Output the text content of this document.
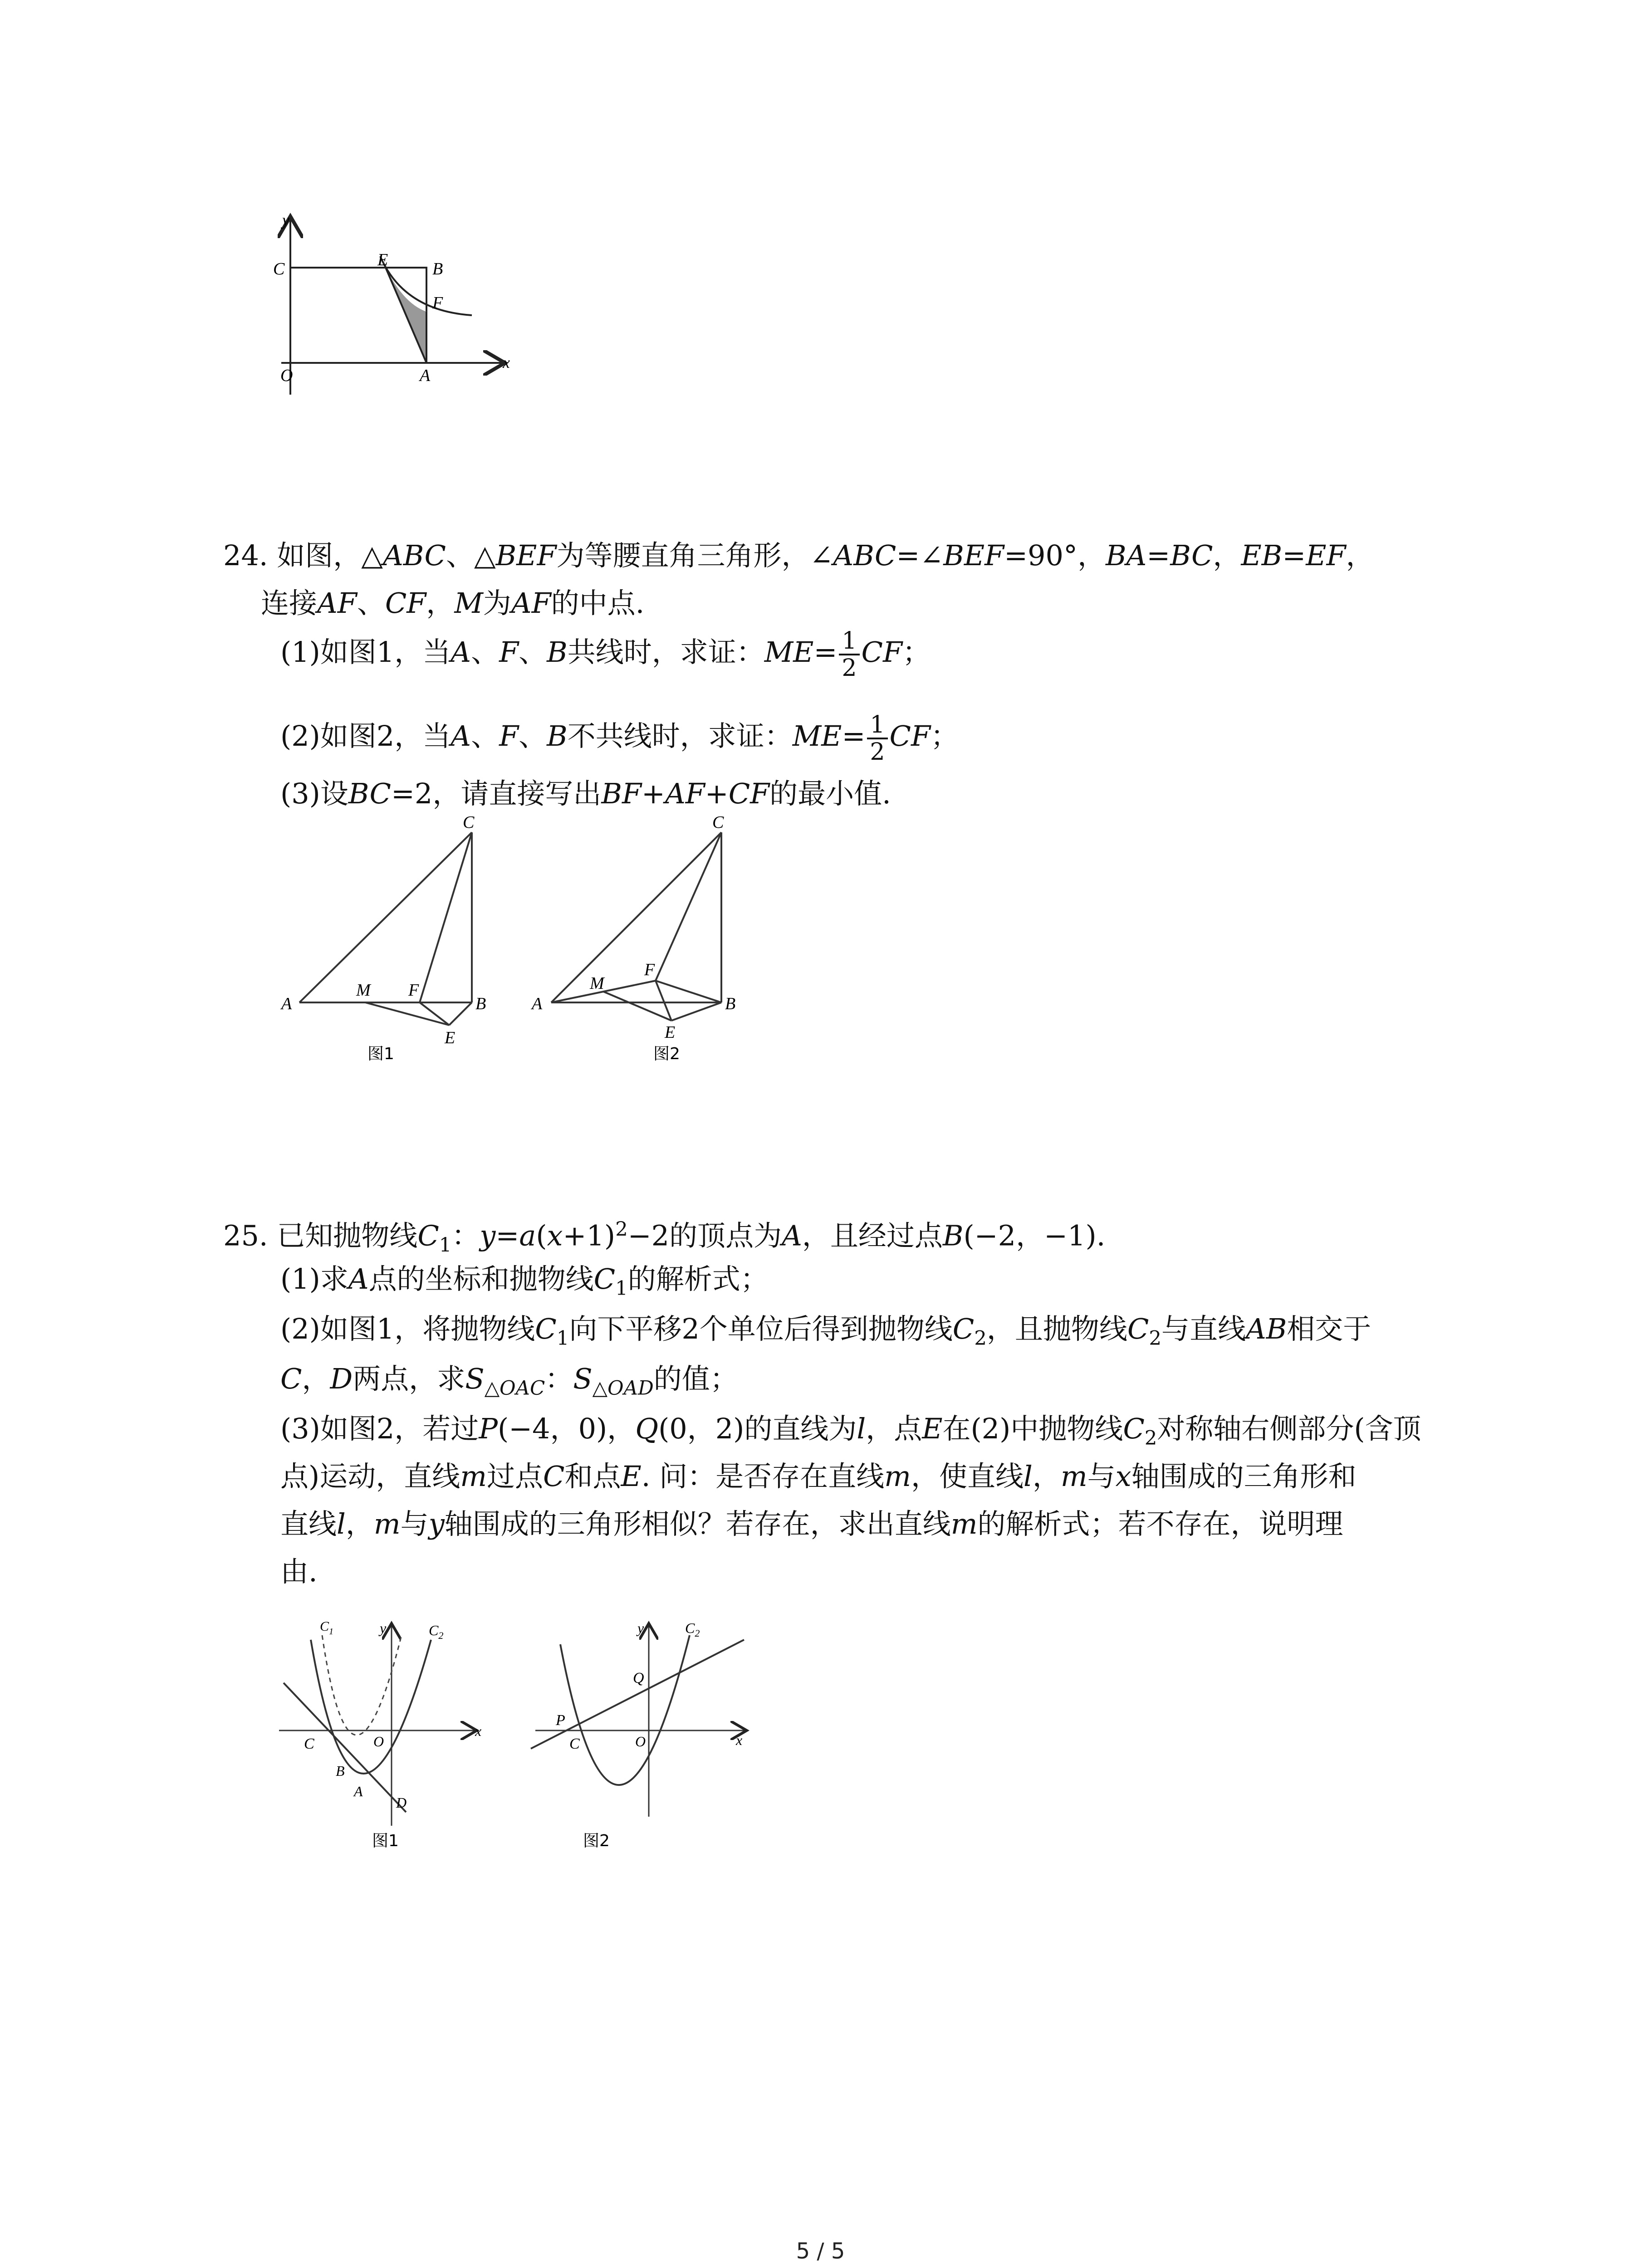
y
C	E	B
F
O	A
x
24. 如图，△ABC、△BEF为等腰直角三角形，∠ABC=∠BEF=90°，BA=BC，EB=EF，
连接AF、CF，M为AF的中点.
(1)如图1，当A、F、B共线时，求证：$ME= \frac{1}{2}$ CF；
(2)如图2，当A、F、B不共线时，求证：$ME= \frac{1}{2}$ CF；
(3)设BC=2，请直接写出BF+AF+CF的最小值.
C
A
M F
B
E
图1
C
A
M
F
B
E
图2
25. 已知抛物线$C_1$：$y=a(x+1)^2-2$的顶点为A，且经过点B(−2，−1).
(1)求A点的坐标和抛物线$C_1$的解析式；
(2)如图1，将抛物线$C_1$向下平移2个单位后得到抛物线$C_2$，且抛物线$C_2$与直线AB相交于
C，D两点，求$S_{\triangle OAC}$：$S_{\triangle OAD}$的值；
(3)如图2，若过P(−4，0)，Q(0，2)的直线为l，点E在(2)中抛物线$C_2$对称轴右侧部分(含顶
点)运动，直线m过点C和点E. 问：是否存在直线m，使直线l，m与x轴围成的三角形和
直线l，m与y轴围成的三角形相似？若存在，求出直线m的解析式；若不存在，说明理
由.
$C_1$	y	$C_2$
C	O
x
B
A
D
图1
y	$C_2$
Q
P
C	O	x
图2
5 / 5
